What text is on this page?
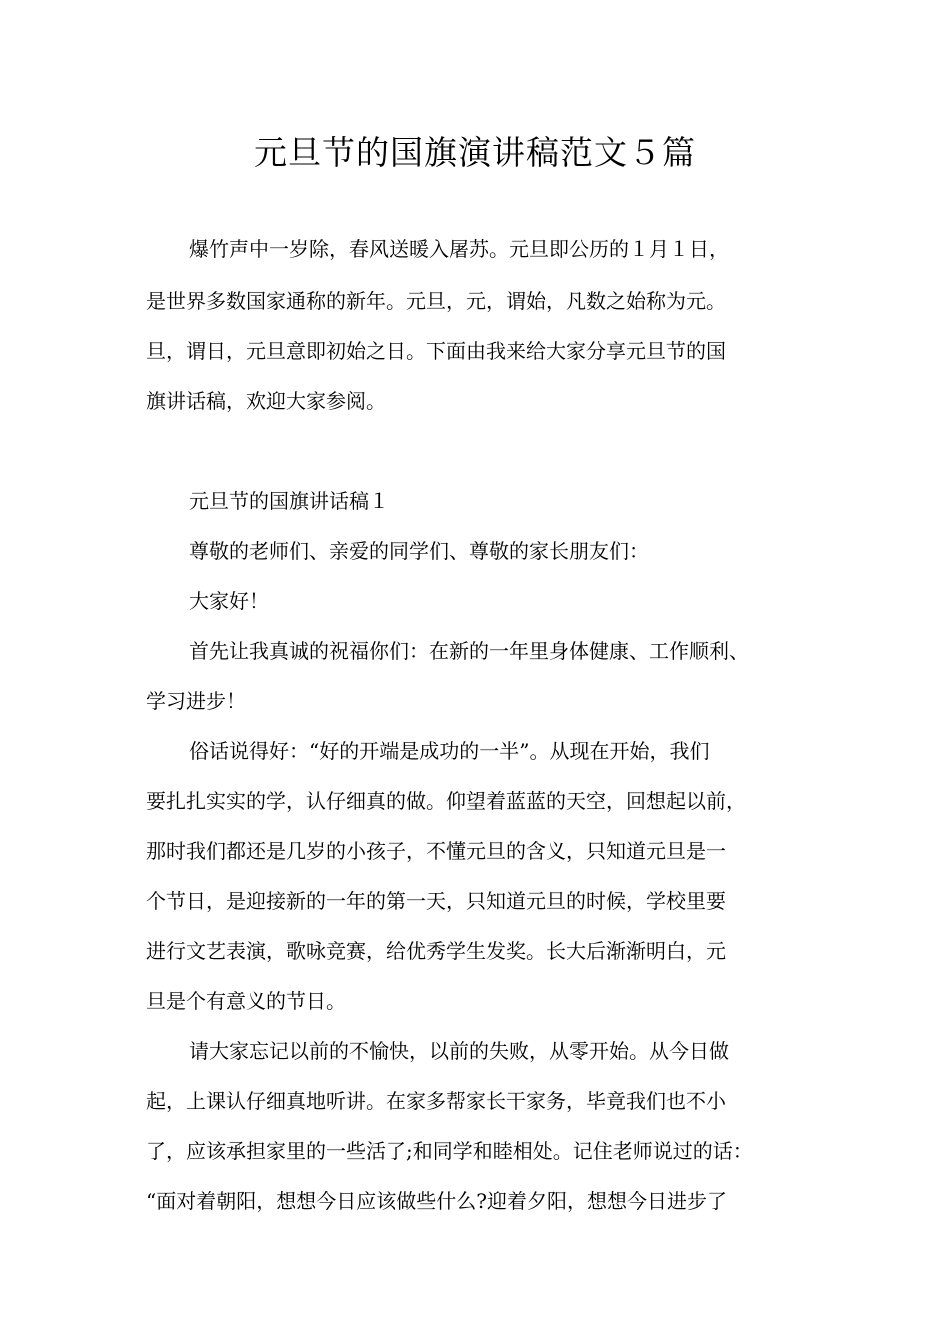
元旦节的国旗演讲稿范文５篇

爆竹声中一岁除，春风送暖入屠苏。元旦即公历的１月１日，

是世界多数国家通称的新年。元旦，元，谓始，凡数之始称为元。

旦，谓日，元旦意即初始之日。下面由我来给大家分享元旦节的国

旗讲话稿，欢迎大家参阅。

元旦节的国旗讲话稿１

尊敬的老师们、亲爱的同学们、尊敬的家长朋友们：

大家好！

首先让我真诚的祝福你们：在新的一年里身体健康、工作顺利、

学习进步！

俗话说得好：“好的开端是成功的一半”。从现在开始，我们

要扎扎实实的学，认仔细真的做。仰望着蓝蓝的天空，回想起以前，

那时我们都还是几岁的小孩子，不懂元旦的含义，只知道元旦是一

个节日，是迎接新的一年的第一天，只知道元旦的时候，学校里要

进行文艺表演，歌咏竞赛，给优秀学生发奖。长大后渐渐明白，元

旦是个有意义的节日。

请大家忘记以前的不愉快，以前的失败，从零开始。从今日做

起，上课认仔细真地听讲。在家多帮家长干家务，毕竟我们也不小

了，应该承担家里的一些活了;和同学和睦相处。记住老师说过的话：

“面对着朝阳，想想今日应该做些什么?迎着夕阳，想想今日进步了
